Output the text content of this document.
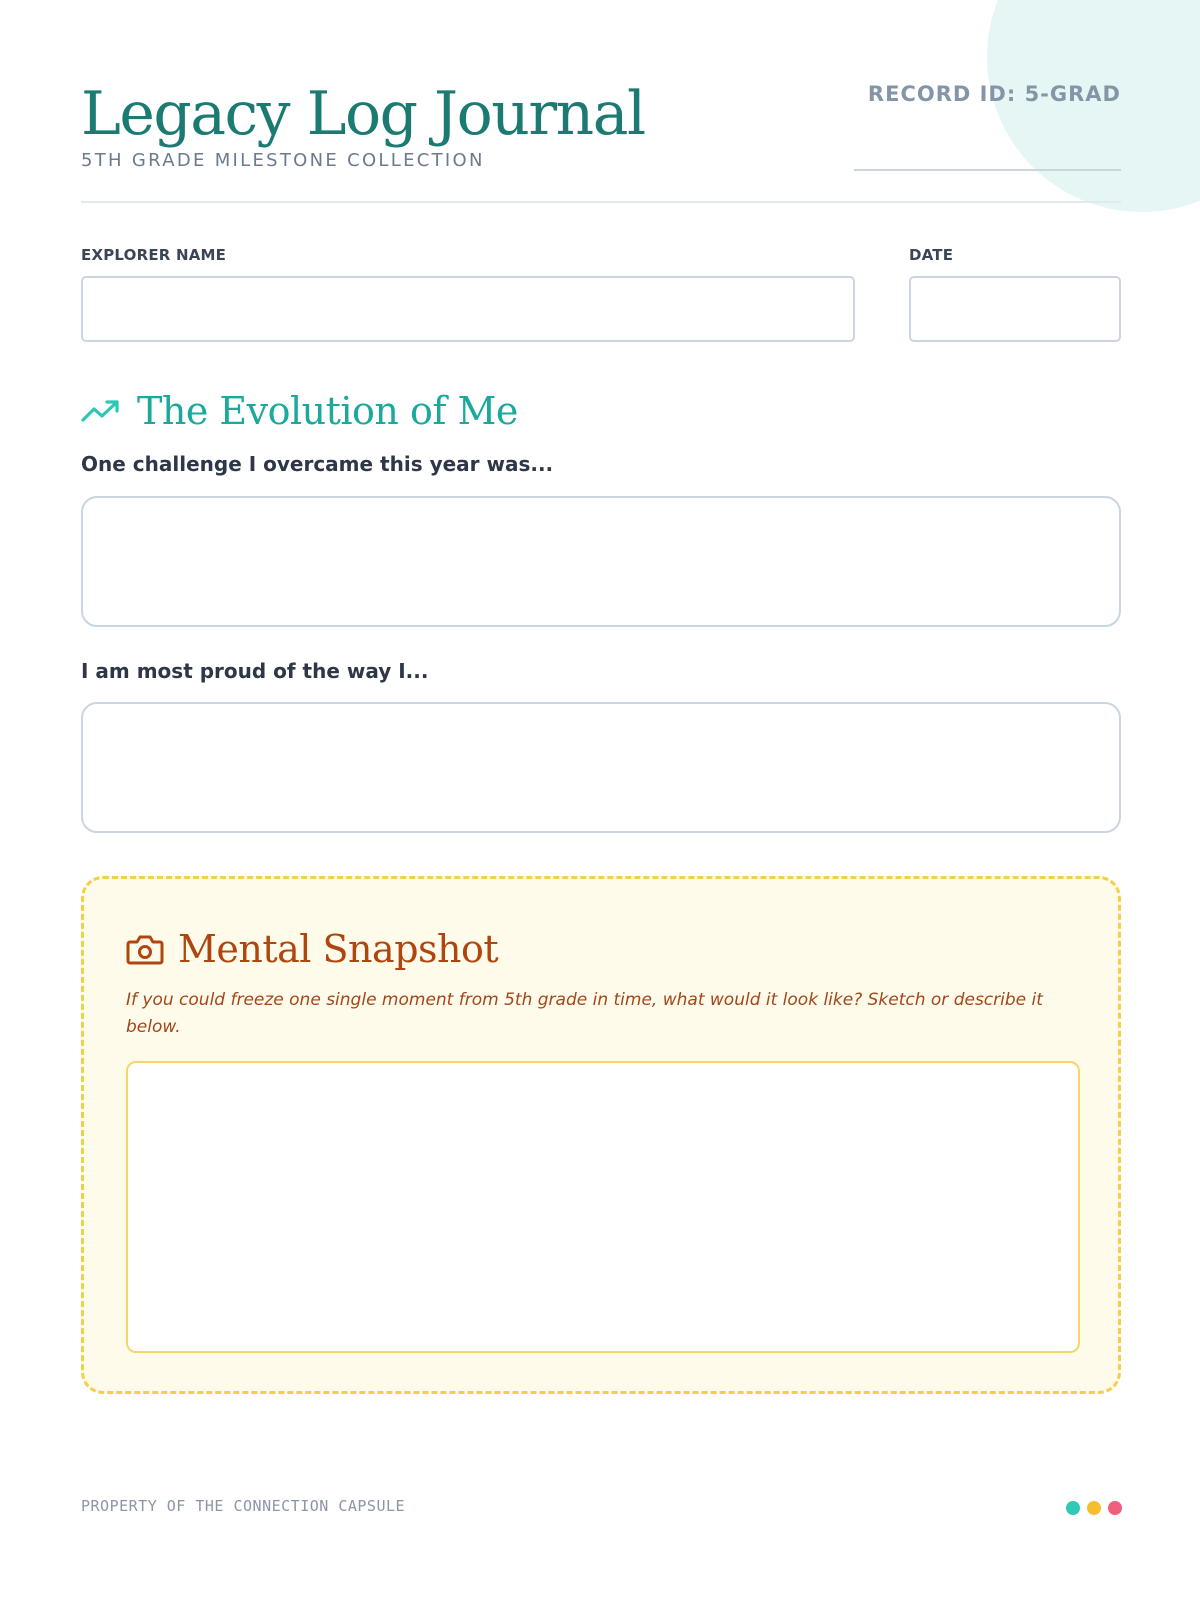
Legacy Log Journal
5TH GRADE MILESTONE COLLECTION
RECORD ID: 5-GRAD
EXPLORER NAME	DATE
The Evolution of Me
One challenge I overcame this year was...
I am most proud of the way I...
Mental Snapshot
If you could freeze one single moment from 5th grade in time, what would it look like? Sketch or describe it below.
PROPERTY OF THE CONNECTION CAPSULE
